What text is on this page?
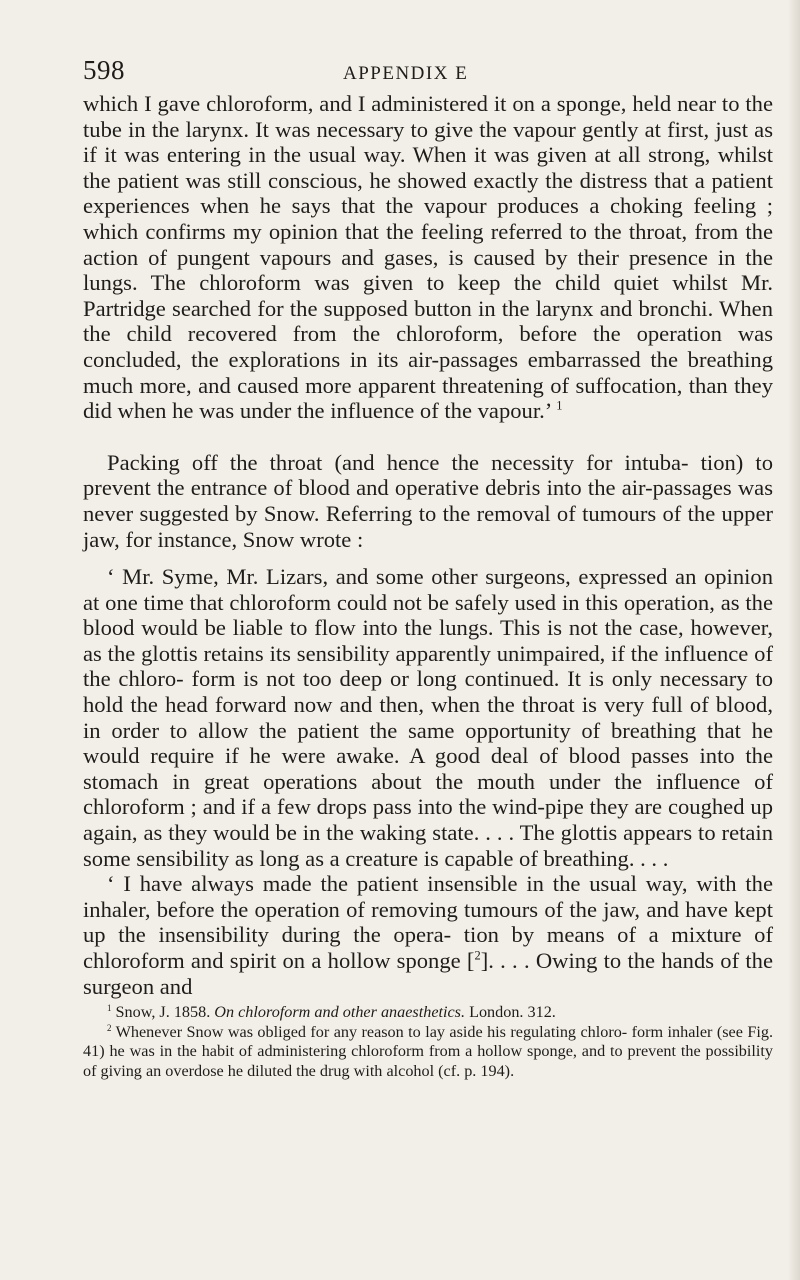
598	APPENDIX E

which I gave chloroform, and I administered it on a sponge, held near to the tube in the larynx. It was necessary to give the vapour gently at first, just as if it was entering in the usual way. When it was given at all strong, whilst the patient was still conscious, he showed exactly the distress that a patient experiences when he says that the vapour produces a choking feeling ; which confirms my opinion that the feeling referred to the throat, from the action of pungent vapours and gases, is caused by their presence in the lungs. The chloroform was given to keep the child quiet whilst Mr. Partridge searched for the supposed button in the larynx and bronchi. When the child recovered from the chloroform, before the operation was concluded, the explorations in its air-passages embarrassed the breathing much more, and caused more apparent threatening of suffocation, than they did when he was under the influence of the vapour.’ $^1$

Packing off the throat (and hence the necessity for intuba- tion) to prevent the entrance of blood and operative debris into the air-passages was never suggested by Snow. Referring to the removal of tumours of the upper jaw, for instance, Snow wrote :

‘ Mr. Syme, Mr. Lizars, and some other surgeons, expressed an opinion at one time that chloroform could not be safely used in this operation, as the blood would be liable to flow into the lungs. This is not the case, however, as the glottis retains its sensibility apparently unimpaired, if the influence of the chloro- form is not too deep or long continued. It is only necessary to hold the head forward now and then, when the throat is very full of blood, in order to allow the patient the same opportunity of breathing that he would require if he were awake. A good deal of blood passes into the stomach in great operations about the mouth under the influence of chloroform ; and if a few drops pass into the wind-pipe they are coughed up again, as they would be in the waking state. . . . The glottis appears to retain some sensibility as long as a creature is capable of breathing. . . .

‘ I have always made the patient insensible in the usual way, with the inhaler, before the operation of removing tumours of the jaw, and have kept up the insensibility during the opera- tion by means of a mixture of chloroform and spirit on a hollow sponge [$^2$]. . . . Owing to the hands of the surgeon and

$^1$ Snow, J. 1858. On chloroform and other anaesthetics. London. 312.

$^2$ Whenever Snow was obliged for any reason to lay aside his regulating chloro- form inhaler (see Fig. 41) he was in the habit of administering chloroform from a hollow sponge, and to prevent the possibility of giving an overdose he diluted the drug with alcohol (cf. p. 194).
